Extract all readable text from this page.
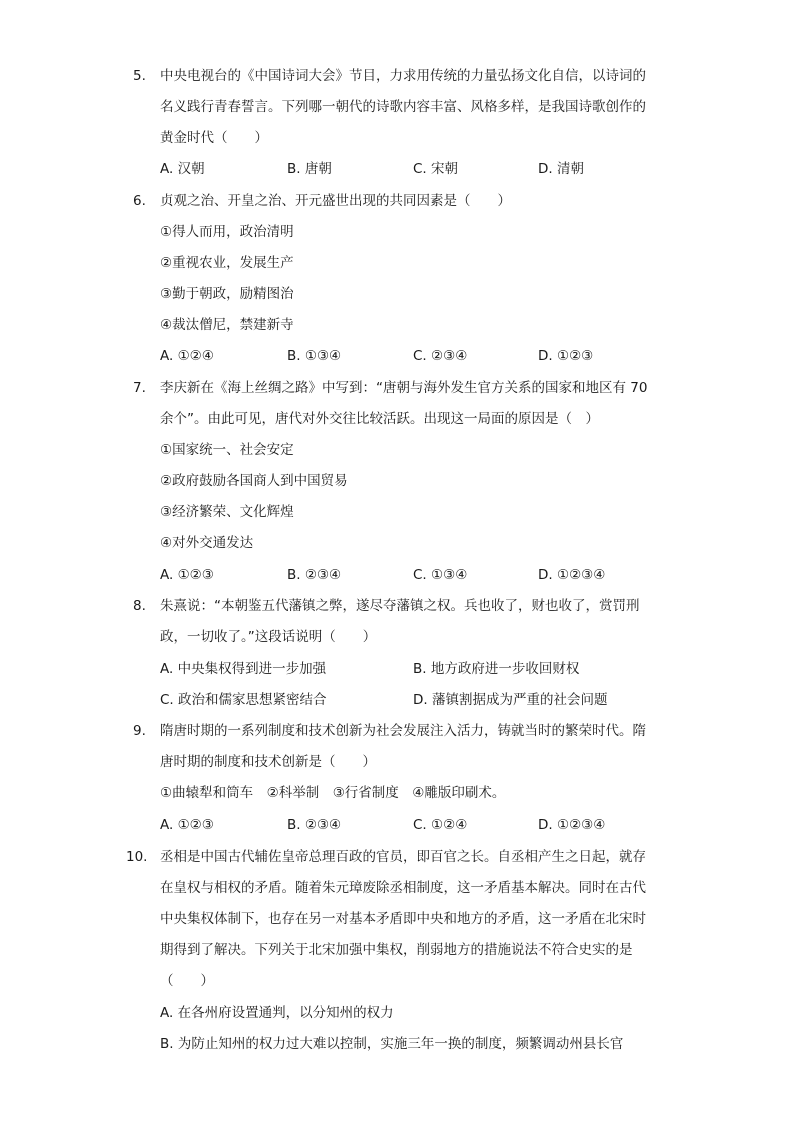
5. 中央电视台的《中国诗词大会》节目，力求用传统的力量弘扬文化自信，以诗词的
名义践行青春誓言。下列哪一朝代的诗歌内容丰富、风格多样，是我国诗歌创作的
黄金时代（　　）
A. 汉朝	B. 唐朝	C. 宋朝	D. 清朝
6. 贞观之治、开皇之治、开元盛世出现的共同因素是（　　）
①得人而用，政治清明
②重视农业，发展生产
③勤于朝政，励精图治
④裁汰僧尼，禁建新寺
A. ①②④	B. ①③④	C. ②③④	D. ①②③
7. 李庆新在《海上丝绸之路》中写到：“唐朝与海外发生官方关系的国家和地区有 70
余个”。由此可见，唐代对外交往比较活跃。出现这一局面的原因是（　）
①国家统一、社会安定
②政府鼓励各国商人到中国贸易
③经济繁荣、文化辉煌
④对外交通发达
A. ①②③	B. ②③④	C. ①③④	D. ①②③④
8. 朱熹说：“本朝鉴五代藩镇之弊，遂尽夺藩镇之权。兵也收了，财也收了，赏罚刑
政，一切收了。”这段话说明（　　）
A. 中央集权得到进一步加强	B. 地方政府进一步收回财权
C. 政治和儒家思想紧密结合	D. 藩镇割据成为严重的社会问题
9. 隋唐时期的一系列制度和技术创新为社会发展注入活力，铸就当时的繁荣时代。隋
唐时期的制度和技术创新是（　　）
①曲辕犁和筒车　②科举制　③行省制度　④雕版印刷术。
A. ①②③	B. ②③④	C. ①②④	D. ①②③④
10. 丞相是中国古代辅佐皇帝总理百政的官员，即百官之长。自丞相产生之日起，就存
在皇权与相权的矛盾。随着朱元璋废除丞相制度，这一矛盾基本解决。同时在古代
中央集权体制下，也存在另一对基本矛盾即中央和地方的矛盾，这一矛盾在北宋时
期得到了解决。下列关于北宋加强中集权，削弱地方的措施说法不符合史实的是
（　　）
A. 在各州府设置通判，以分知州的权力
B. 为防止知州的权力过大难以控制，实施三年一换的制度，频繁调动州县长官
